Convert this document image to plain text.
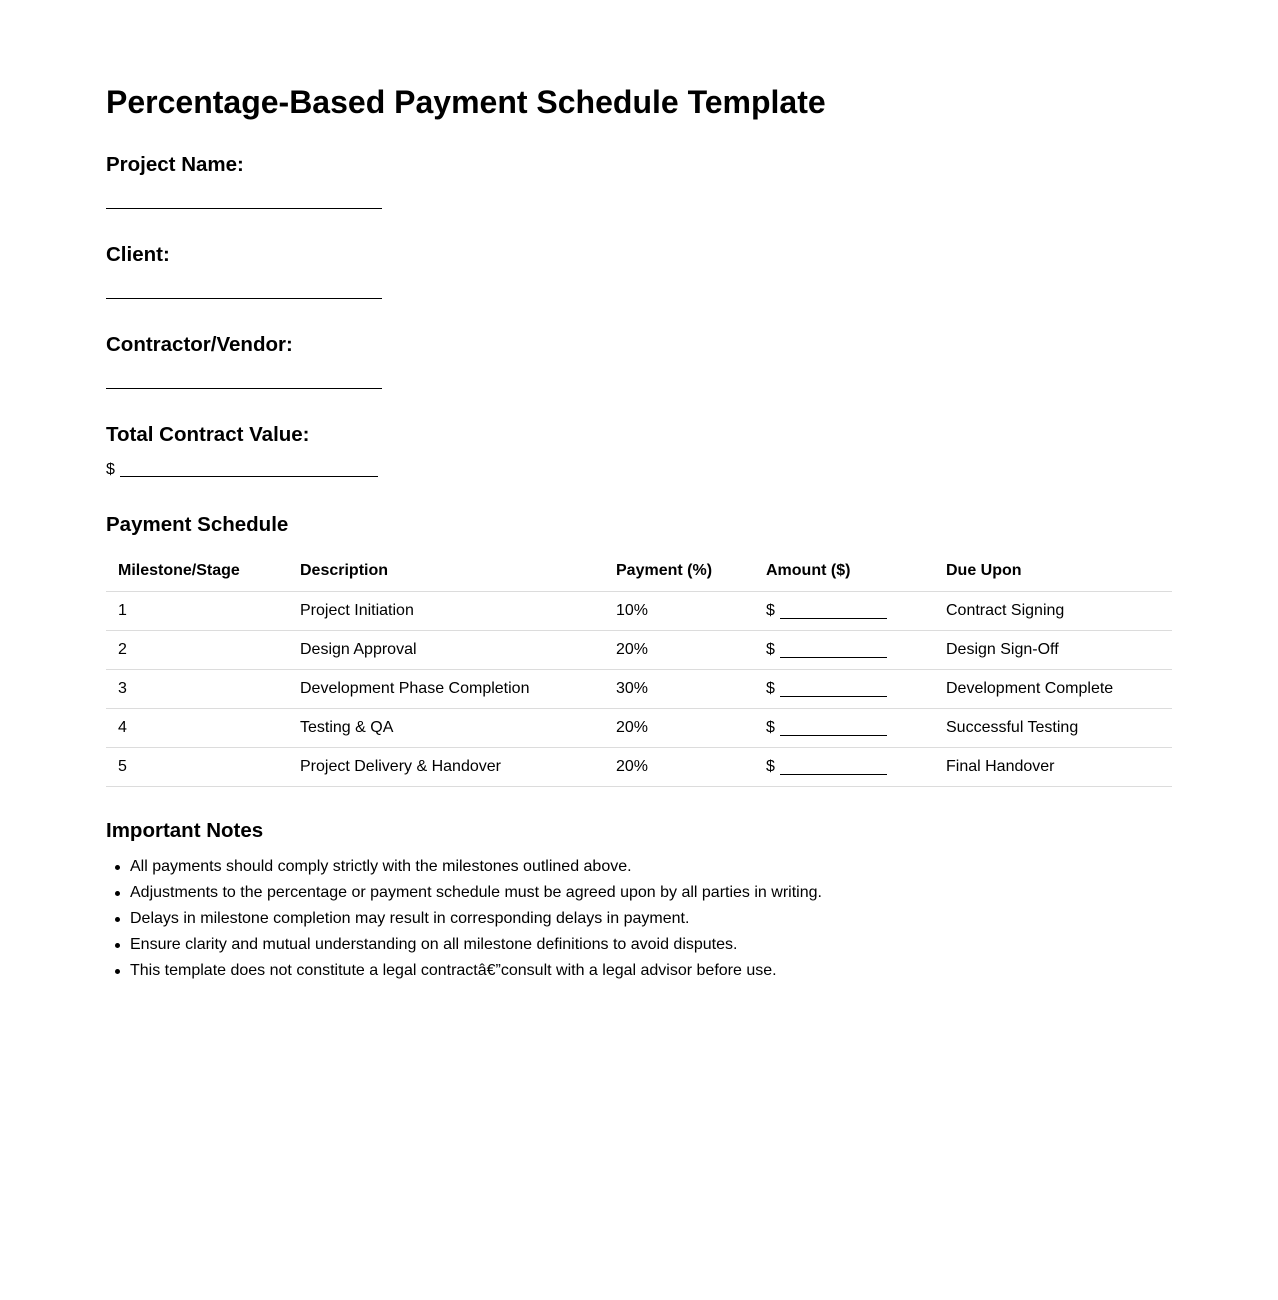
Percentage-Based Payment Schedule Template
Project Name:
Client:
Contractor/Vendor:
Total Contract Value:
$
Payment Schedule
Milestone/Stage	Description	Payment (%)	Amount ($)	Due Upon
1	Project Initiation	10%	$	Contract Signing
2	Design Approval	20%	$	Design Sign-Off
3	Development Phase Completion	30%	$	Development Complete
4	Testing & QA	20%	$	Successful Testing
5	Project Delivery & Handover	20%	$	Final Handover
Important Notes
All payments should comply strictly with the milestones outlined above.
Adjustments to the percentage or payment schedule must be agreed upon by all parties in writing.
Delays in milestone completion may result in corresponding delays in payment.
Ensure clarity and mutual understanding on all milestone definitions to avoid disputes.
This template does not constitute a legal contractâ€”consult with a legal advisor before use.
